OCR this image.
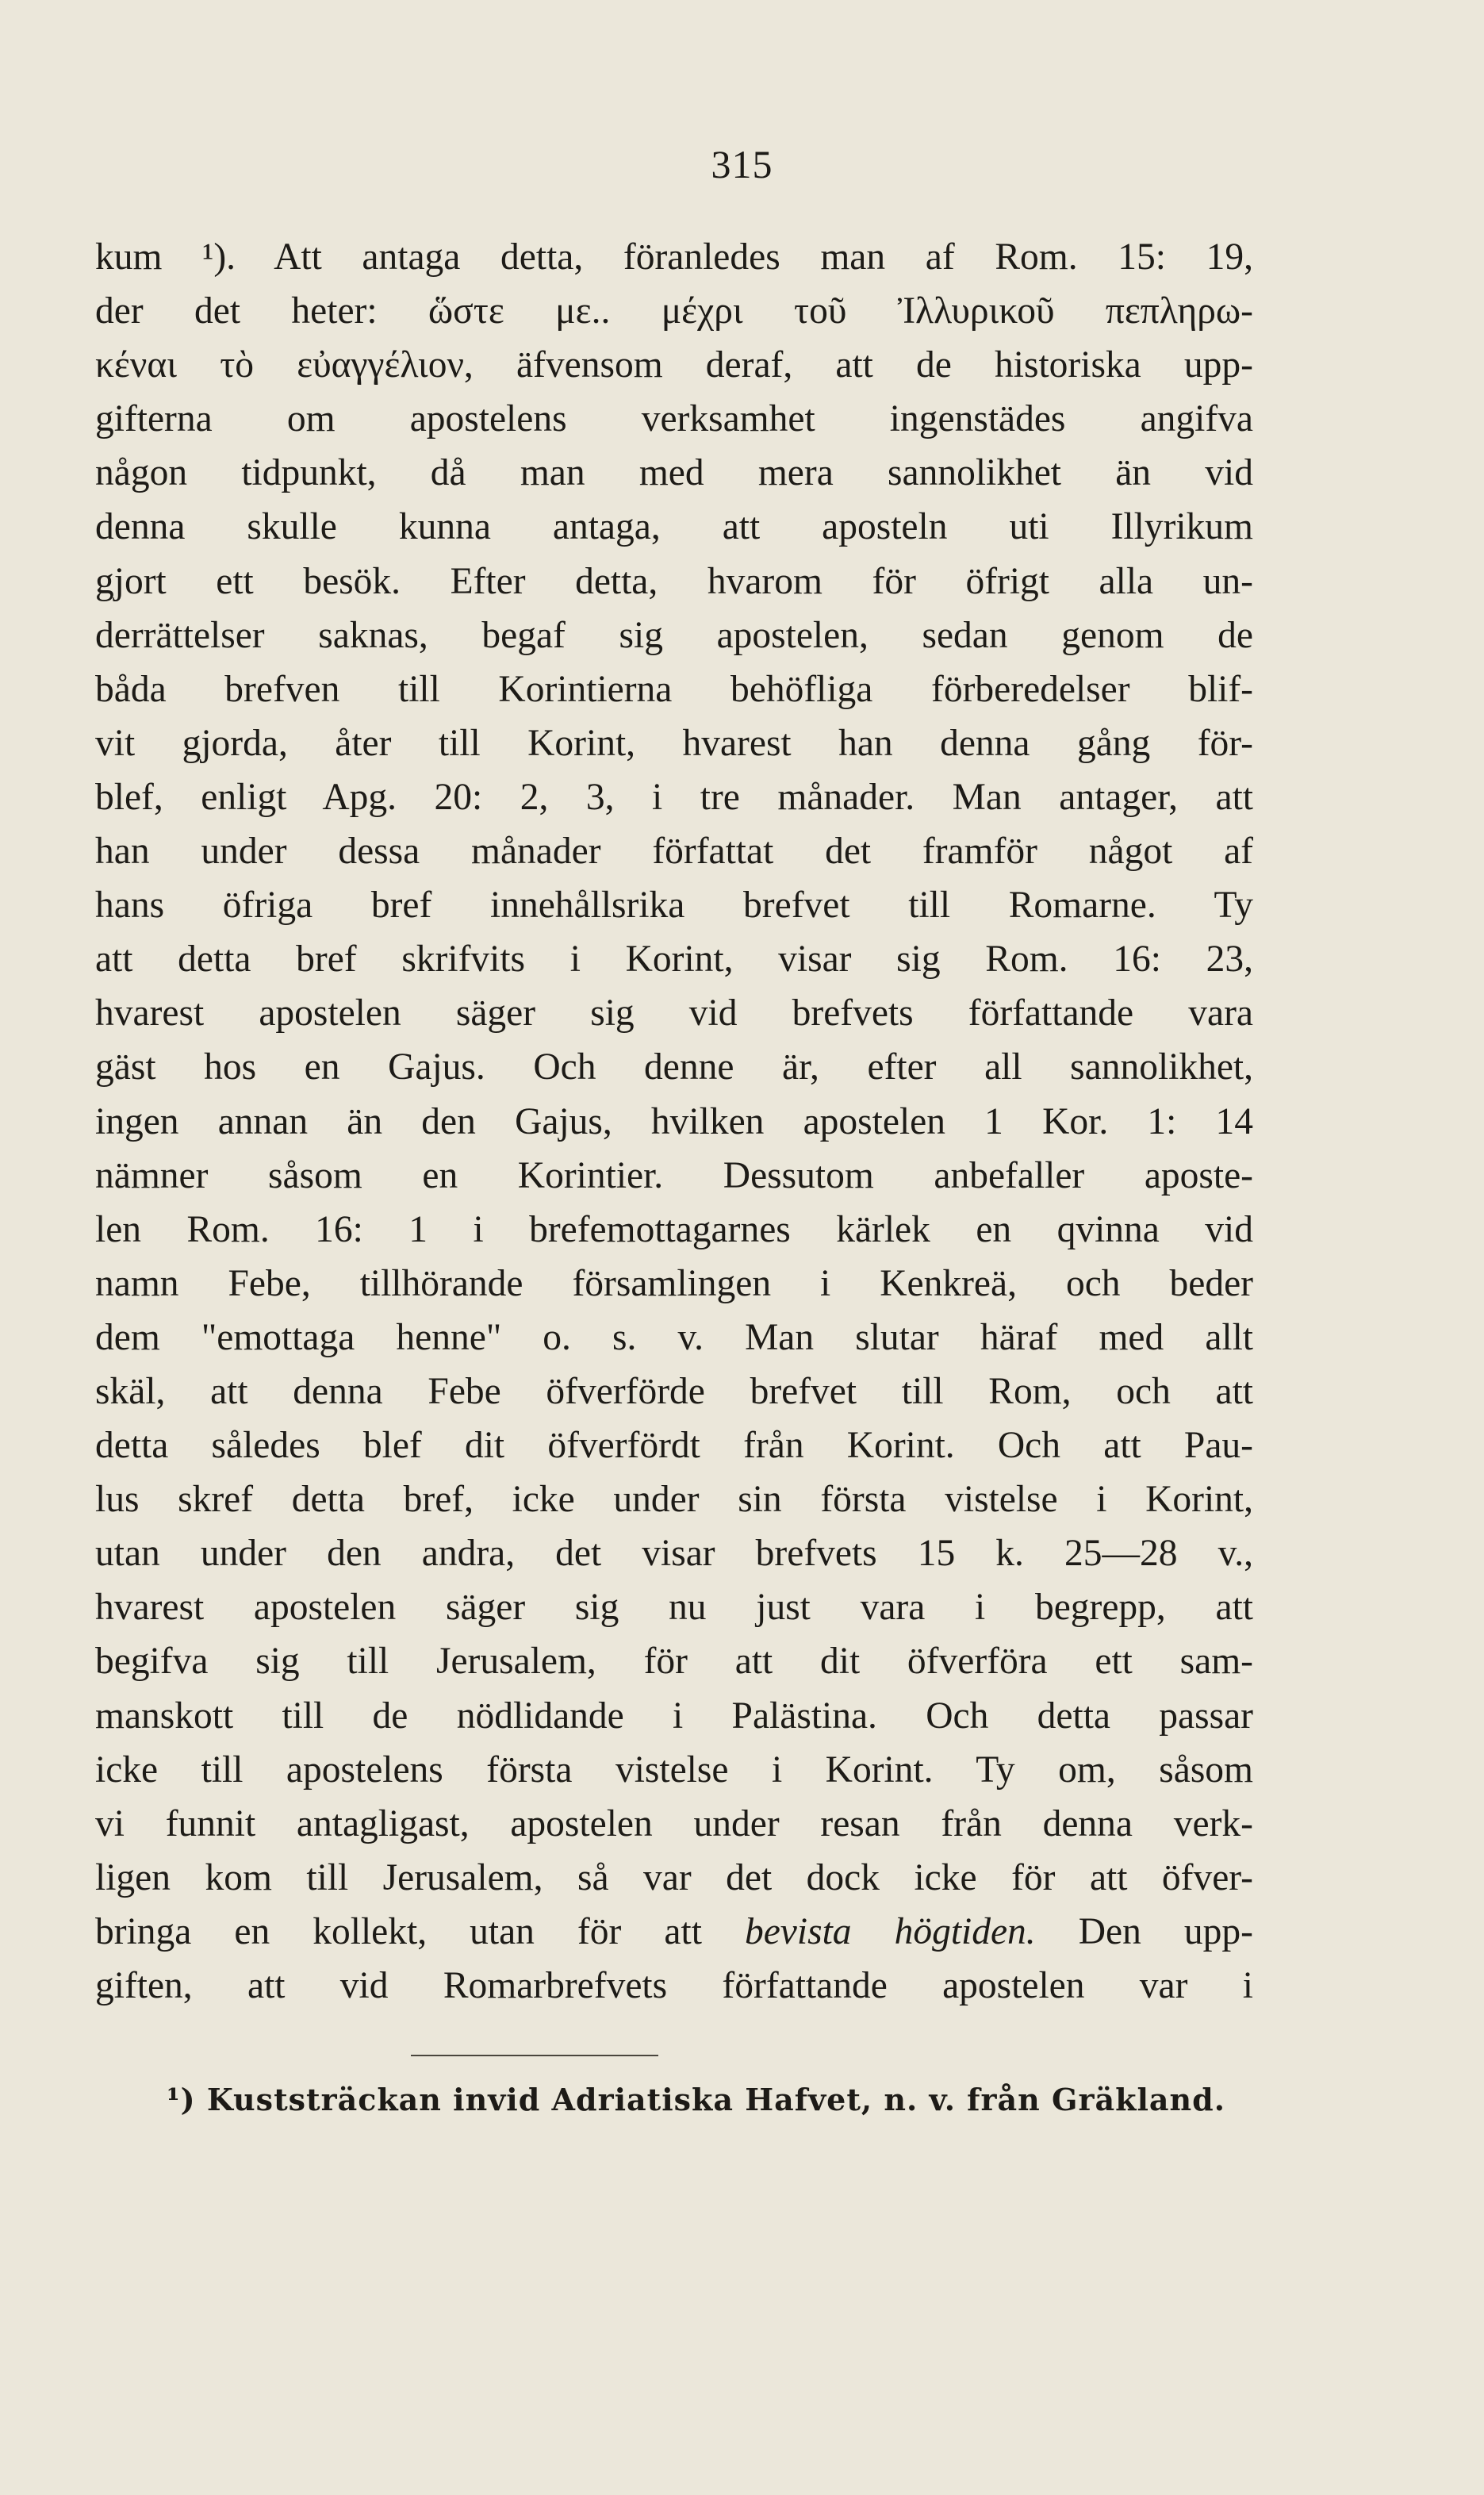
315
kum ¹). Att antaga detta, föranledes man af Rom. 15: 19,
der det heter: ὥστε με.. μέχρι τοῦ Ἰλλυρικοῦ πεπληρω-
κέναι τὸ εὐαγγέλιον, äfvensom deraf, att de historiska upp-
gifterna om apostelens verksamhet ingenstädes angifva
någon tidpunkt, då man med mera sannolikhet än vid
denna skulle kunna antaga, att aposteln uti Illyrikum
gjort ett besök. Efter detta, hvarom för öfrigt alla un-
derrättelser saknas, begaf sig apostelen, sedan genom de
båda brefven till Korintierna behöfliga förberedelser blif-
vit gjorda, åter till Korint, hvarest han denna gång för-
blef, enligt Apg. 20: 2, 3, i tre månader. Man antager, att
han under dessa månader författat det framför något af
hans öfriga bref innehållsrika brefvet till Romarne. Ty
att detta bref skrifvits i Korint, visar sig Rom. 16: 23,
hvarest apostelen säger sig vid brefvets författande vara
gäst hos en Gajus. Och denne är, efter all sannolikhet,
ingen annan än den Gajus, hvilken apostelen 1 Kor. 1: 14
nämner såsom en Korintier. Dessutom anbefaller aposte-
len Rom. 16: 1 i brefemottagarnes kärlek en qvinna vid
namn Febe, tillhörande församlingen i Kenkreä, och beder
dem "emottaga henne" o. s. v. Man slutar häraf med allt
skäl, att denna Febe öfverförde brefvet till Rom, och att
detta således blef dit öfverfördt från Korint. Och att Pau-
lus skref detta bref, icke under sin första vistelse i Korint,
utan under den andra, det visar brefvets 15 k. 25—28 v.,
hvarest apostelen säger sig nu just vara i begrepp, att
begifva sig till Jerusalem, för att dit öfverföra ett sam-
manskott till de nödlidande i Palästina. Och detta passar
icke till apostelens första vistelse i Korint. Ty om, såsom
vi funnit antagligast, apostelen under resan från denna verk-
ligen kom till Jerusalem, så var det dock icke för att öfver-
bringa en kollekt, utan för att bevista högtiden. Den upp-
giften, att vid Romarbrefvets författande apostelen var i
¹) Kuststräckan invid Adriatiska Hafvet, n. v. från Gräkland.
